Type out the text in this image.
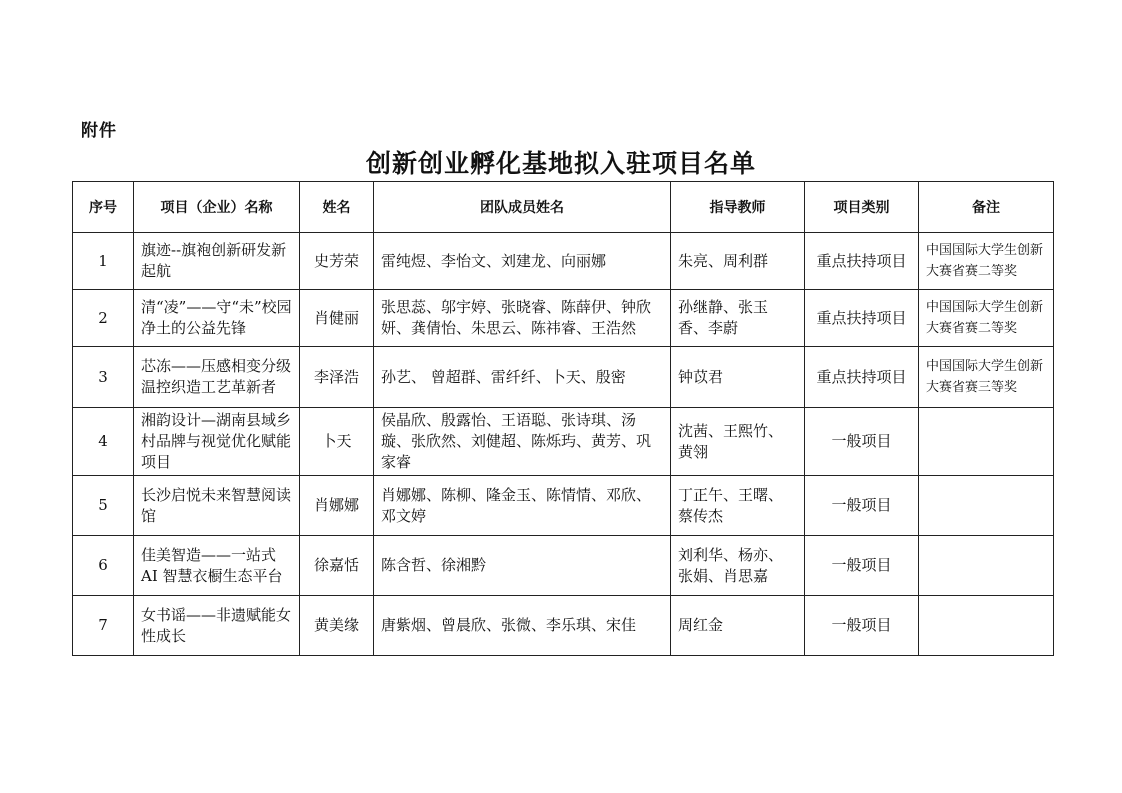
附件
创新创业孵化基地拟入驻项目名单
序号	项目（企业）名称	姓名	团队成员姓名	指导教师	项目类别	备注
1	旗迹--旗袍创新研发新起航	史芳荣	雷纯煜、李怡文、刘建龙、向丽娜	朱亮、周利群	重点扶持项目	中国国际大学生创新大赛省赛二等奖
2	清“凌”——守“未”校园净土的公益先锋	肖健丽	张思蕊、邬宇婷、张晓睿、陈薛伊、钟欣妍、龚倩怡、朱思云、陈祎睿、王浩然	孙继静、张玉香、李蔚	重点扶持项目	中国国际大学生创新大赛省赛二等奖
3	芯冻——压感相变分级温控织造工艺革新者	李泽浩	孙艺、 曾超群、雷纤纤、卜天、殷密	钟苡君	重点扶持项目	中国国际大学生创新大赛省赛三等奖
4	湘韵设计—湖南县域乡村品牌与视觉优化赋能项目	卜天	侯晶欣、殷露怡、王语聪、张诗琪、汤璇、张欣然、刘健超、陈烁玙、黄芳、巩家睿	沈茜、王熙竹、黄翎	一般项目	
5	长沙启悦未来智慧阅读馆	肖娜娜	肖娜娜、陈柳、隆金玉、陈情情、邓欣、邓文婷	丁正午、王曙、蔡传杰	一般项目	
6	佳美智造——一站式AI 智慧衣橱生态平台	徐嘉恬	陈含哲、徐湘黔	刘利华、杨亦、张娟、肖思嘉	一般项目	
7	女书谣——非遗赋能女性成长	黄美缘	唐紫烟、曾晨欣、张微、李乐琪、宋佳	周红金	一般项目	
